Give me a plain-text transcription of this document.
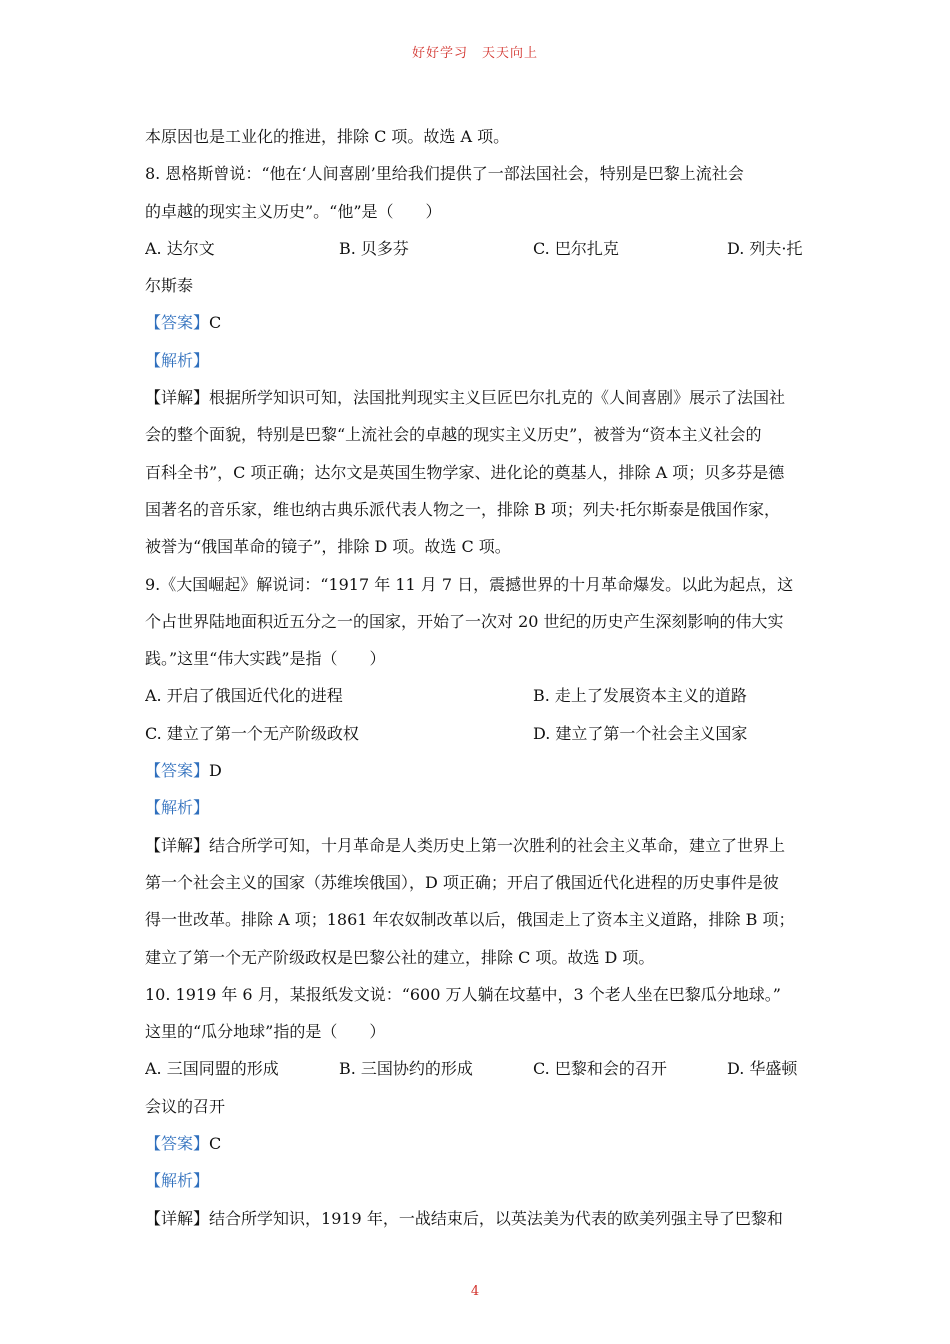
好好学习 天天向上
本原因也是工业化的推进，排除 C 项。故选 A 项。
8. 恩格斯曾说：“他在‘人间喜剧’里给我们提供了一部法国社会，特别是巴黎上流社会
的卓越的现实主义历史”。“他”是（　　）
A. 达尔文	B. 贝多芬	C. 巴尔扎克	D. 列夫·托
尔斯泰
【答案】C
【解析】
【详解】根据所学知识可知，法国批判现实主义巨匠巴尔扎克的《人间喜剧》展示了法国社
会的整个面貌，特别是巴黎“上流社会的卓越的现实主义历史”，被誉为“资本主义社会的
百科全书”，C 项正确；达尔文是英国生物学家、进化论的奠基人，排除 A 项；贝多芬是德
国著名的音乐家，维也纳古典乐派代表人物之一，排除 B 项；列夫·托尔斯泰是俄国作家，
被誉为“俄国革命的镜子”，排除 D 项。故选 C 项。
9.《大国崛起》解说词：“1917 年 11 月 7 日，震撼世界的十月革命爆发。以此为起点，这
个占世界陆地面积近五分之一的国家，开始了一次对 20 世纪的历史产生深刻影响的伟大实
践。”这里“伟大实践”是指（　　）
A. 开启了俄国近代化的进程	B. 走上了发展资本主义的道路
C. 建立了第一个无产阶级政权	D. 建立了第一个社会主义国家
【答案】D
【解析】
【详解】结合所学可知，十月革命是人类历史上第一次胜利的社会主义革命，建立了世界上
第一个社会主义的国家（苏维埃俄国），D 项正确；开启了俄国近代化进程的历史事件是彼
得一世改革。排除 A 项；1861 年农奴制改革以后，俄国走上了资本主义道路，排除 B 项；
建立了第一个无产阶级政权是巴黎公社的建立，排除 C 项。故选 D 项。
10. 1919 年 6 月，某报纸发文说：“600 万人躺在坟墓中，3 个老人坐在巴黎瓜分地球。”
这里的“瓜分地球”指的是（　　）
A. 三国同盟的形成	B. 三国协约的形成	C. 巴黎和会的召开	D. 华盛顿
会议的召开
【答案】C
【解析】
【详解】结合所学知识，1919 年，一战结束后，以英法美为代表的欧美列强主导了巴黎和
4
